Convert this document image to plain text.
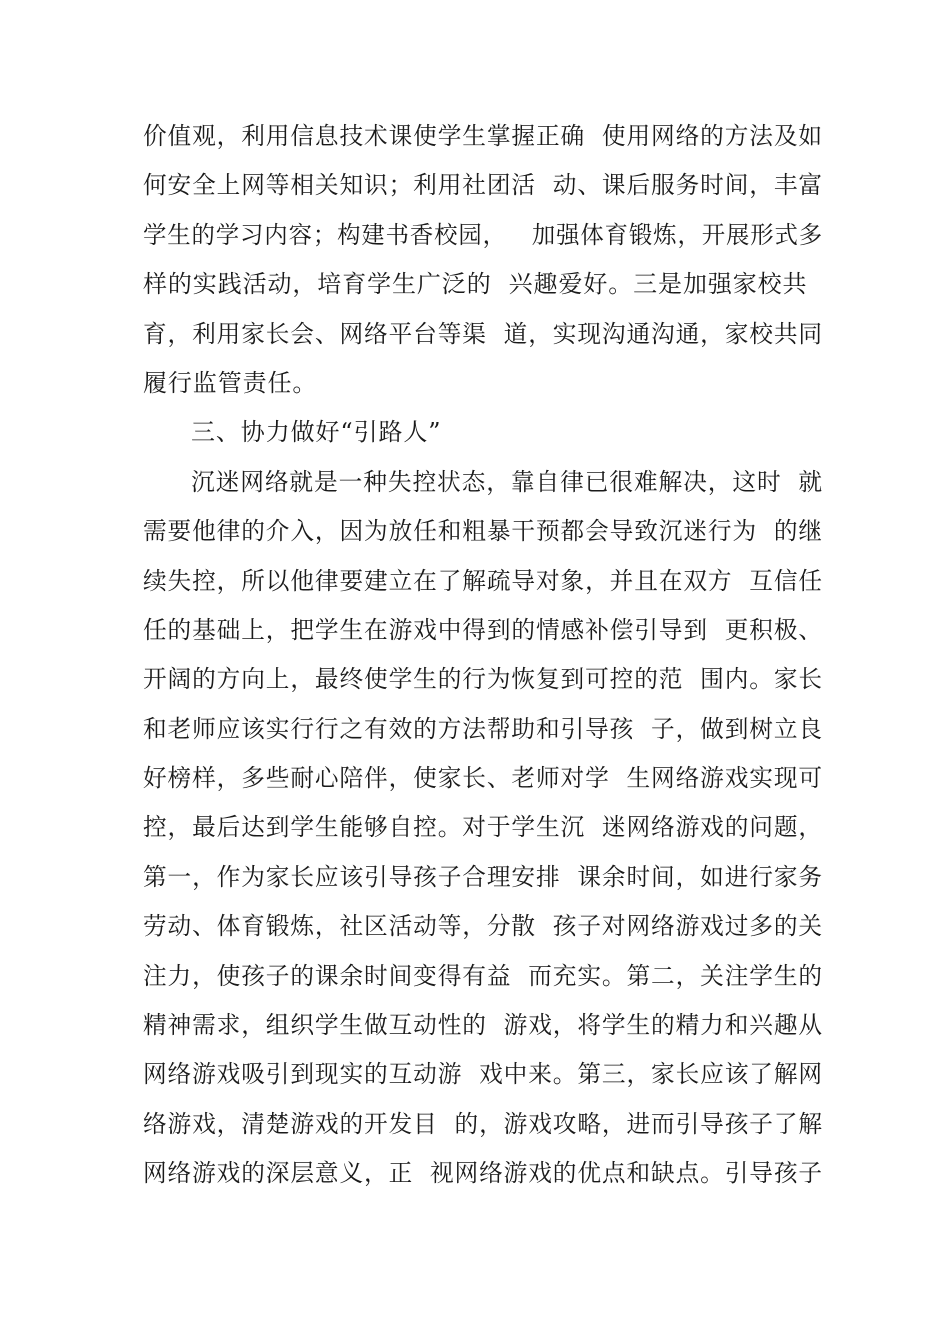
价值观，利用信息技术课使学生掌握正确  使用网络的方法及如
何安全上网等相关知识；利用社团活  动、课后服务时间，丰富
学生的学习内容；构建书香校园，   加强体育锻炼，开展形式多
样的实践活动，培育学生广泛的  兴趣爱好。三是加强家校共
育，利用家长会、网络平台等渠  道，实现沟通沟通，家校共同
履行监管责任。
三、协力做好“引路人”
沉迷网络就是一种失控状态，靠自律已很难解决，这时  就
需要他律的介入，因为放任和粗暴干预都会导致沉迷行为  的继
续失控，所以他律要建立在了解疏导对象，并且在双方  互信任
任的基础上，把学生在游戏中得到的情感补偿引导到  更积极、
开阔的方向上，最终使学生的行为恢复到可控的范  围内。家长
和老师应该实行行之有效的方法帮助和引导孩  子，做到树立良
好榜样，多些耐心陪伴，使家长、老师对学  生网络游戏实现可
控，最后达到学生能够自控。对于学生沉  迷网络游戏的问题，
第一，作为家长应该引导孩子合理安排  课余时间，如进行家务
劳动、体育锻炼，社区活动等，分散  孩子对网络游戏过多的关
注力，使孩子的课余时间变得有益  而充实。第二，关注学生的
精神需求，组织学生做互动性的  游戏，将学生的精力和兴趣从
网络游戏吸引到现实的互动游  戏中来。第三，家长应该了解网
络游戏，清楚游戏的开发目  的，游戏攻略，进而引导孩子了解
网络游戏的深层意义，正  视网络游戏的优点和缺点。引导孩子
